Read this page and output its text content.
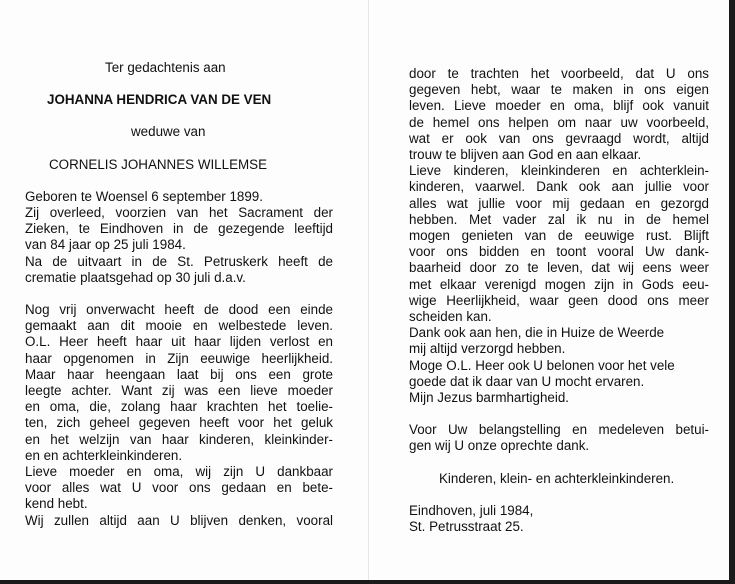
Ter gedachtenis aan
JOHANNA HENDRICA VAN DE VEN
weduwe van
CORNELIS JOHANNES WILLEMSE
Geboren te Woensel 6 september 1899.
Zij overleed, voorzien van het Sacrament der
Zieken, te Eindhoven in de gezegende leeftijd
van 84 jaar op 25 juli 1984.
Na de uitvaart in de St. Petruskerk heeft de
crematie plaatsgehad op 30 juli d.a.v.
Nog vrij onverwacht heeft de dood een einde
gemaakt aan dit mooie en welbestede leven.
O.L. Heer heeft haar uit haar lijden verlost en
haar opgenomen in Zijn eeuwige heerlijkheid.
Maar haar heengaan laat bij ons een grote
leegte achter. Want zij was een lieve moeder
en oma, die, zolang haar krachten het toelie-
ten, zich geheel gegeven heeft voor het geluk
en het welzijn van haar kinderen, kleinkinder-
en en achterkleinkinderen.
Lieve moeder en oma, wij zijn U dankbaar
voor alles wat U voor ons gedaan en bete-
kend hebt.
Wij zullen altijd aan U blijven denken, vooral
door te trachten het voorbeeld, dat U ons
gegeven hebt, waar te maken in ons eigen
leven. Lieve moeder en oma, blijf ook vanuit
de hemel ons helpen om naar uw voorbeeld,
wat er ook van ons gevraagd wordt, altijd
trouw te blijven aan God en aan elkaar.
Lieve kinderen, kleinkinderen en achterklein-
kinderen, vaarwel. Dank ook aan jullie voor
alles wat jullie voor mij gedaan en gezorgd
hebben. Met vader zal ik nu in de hemel
mogen genieten van de eeuwige rust. Blijft
voor ons bidden en toont vooral Uw dank-
baarheid door zo te leven, dat wij eens weer
met elkaar verenigd mogen zijn in Gods eeu-
wige Heerlijkheid, waar geen dood ons meer
scheiden kan.
Dank ook aan hen, die in Huize de Weerde
mij altijd verzorgd hebben.
Moge O.L. Heer ook U belonen voor het vele
goede dat ik daar van U mocht ervaren.
Mijn Jezus barmhartigheid.
Voor Uw belangstelling en medeleven betui-
gen wij U onze oprechte dank.
Kinderen, klein- en achterkleinkinderen.
Eindhoven, juli 1984,
St. Petrusstraat 25.
